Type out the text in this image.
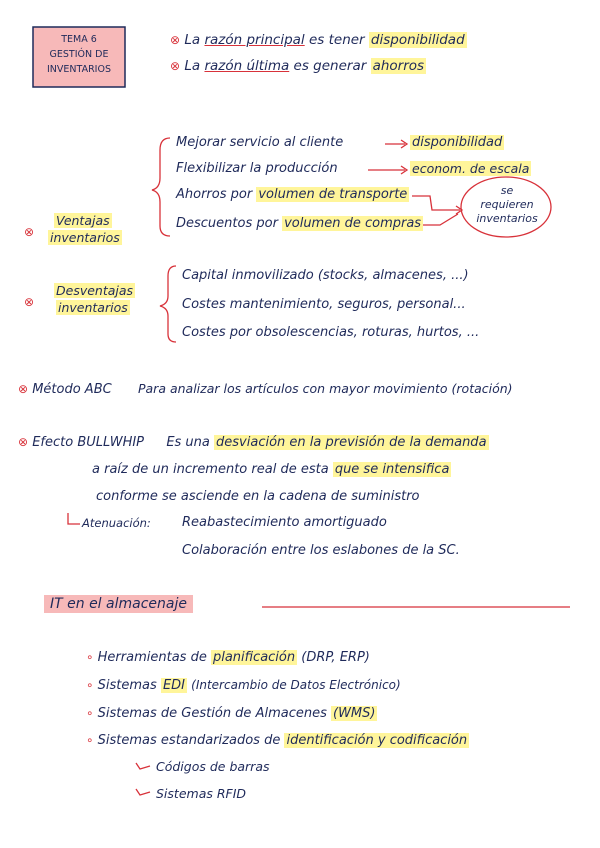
TEMA 6
GESTIÓN DE
INVENTARIOS
⊗ La razón principal es tener disponibilidad
⊗ La razón última es generar ahorros
⊗
Ventajas
inventarios
Mejorar servicio al cliente	disponibilidad
Flexibilizar la producción	econom. de escala
Ahorros por volumen de transporte
Descuentos por volumen de compras
se
requieren
inventarios
⊗
Desventajas
inventarios
Capital inmovilizado (stocks, almacenes, ...)
Costes mantenimiento, seguros, personal...
Costes por obsolescencias, roturas, hurtos, ...
⊗ Método ABC Para analizar los artículos con mayor movimiento (rotación)
⊗ Efecto BULLWHIP Es una desviación en la previsión de la demanda
a raíz de un incremento real de esta que se intensifica
conforme se asciende en la cadena de suministro
Atenuación: Reabastecimiento amortiguado
Colaboración entre los eslabones de la SC.
IT en el almacenaje
∘ Herramientas de planificación (DRP, ERP)
∘ Sistemas EDI (Intercambio de Datos Electrónico)
∘ Sistemas de Gestión de Almacenes (WMS)
∘ Sistemas estandarizados de identificación y codificación
Códigos de barras
Sistemas RFID
